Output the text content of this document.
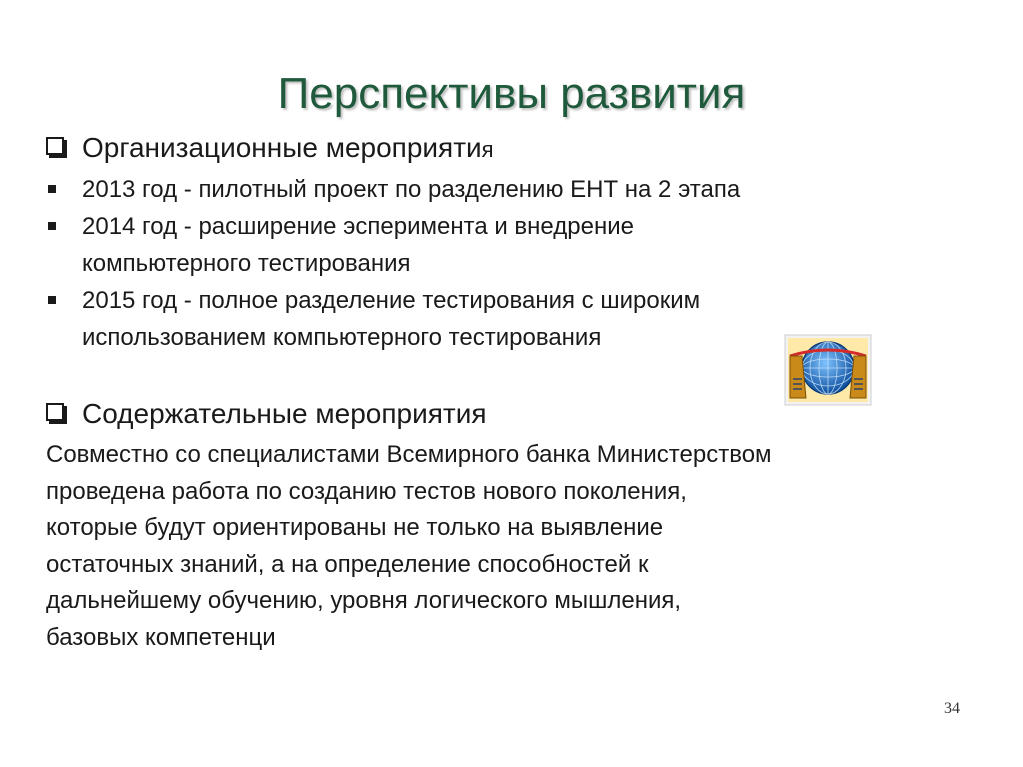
Перспективы развития
Организационные мероприятия
2013 год - пилотный проект по разделению ЕНТ на 2 этапа
2014 год - расширение эсперимента и внедрение
компьютерного тестирования
2015 год - полное разделение тестирования с широким
использованием компьютерного тестирования
Содержательные мероприятия
Совместно со специалистами Всемирного банка Министерством
проведена работа по созданию тестов нового поколения,
которые будут ориентированы не только на выявление
остаточных знаний, а на определение способностей к
дальнейшему обучению, уровня логического мышления,
базовых компетенци
34
